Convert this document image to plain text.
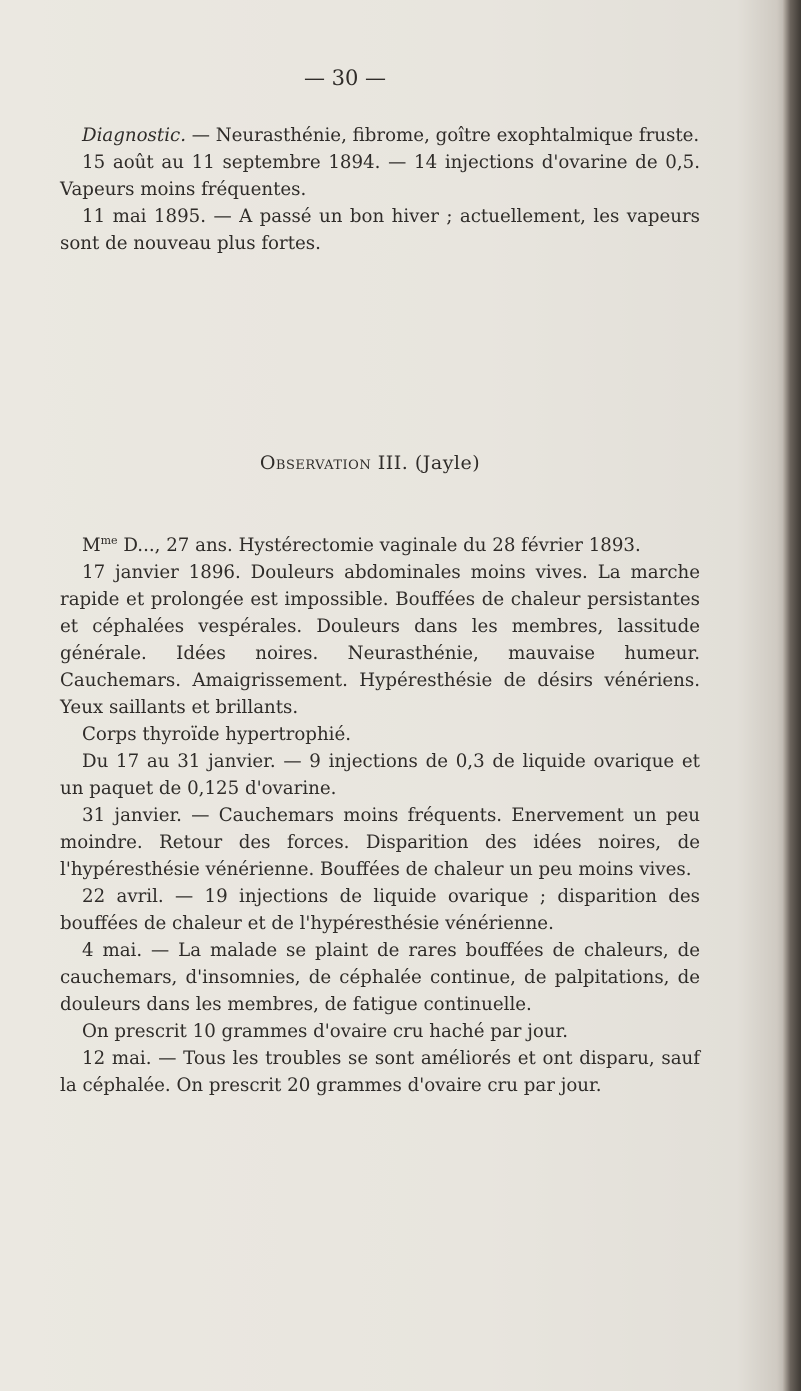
— 30 —

Diagnostic. — Neurasthénie, fibrome, goître exophtalmique fruste.

15 août au 11 septembre 1894. — 14 injections d'ovarine de 0,5. Vapeurs moins fréquentes.

11 mai 1895. — A passé un bon hiver ; actuellement, les vapeurs sont de nouveau plus fortes.

Observation III. (Jayle)

$M^{me}$ D..., 27 ans. Hystérectomie vaginale du 28 février 1893.

17 janvier 1896. Douleurs abdominales moins vives. La marche rapide et prolongée est impossible. Bouffées de chaleur persistantes et céphalées vespérales. Douleurs dans les membres, lassitude générale. Idées noires. Neurasthénie, mauvaise humeur. Cauchemars. Amaigrissement. Hypéresthésie de désirs vénériens. Yeux saillants et brillants.

Corps thyroïde hypertrophié.

Du 17 au 31 janvier. — 9 injections de 0,3 de liquide ovarique et un paquet de 0,125 d'ovarine.

31 janvier. — Cauchemars moins fréquents. Enervement un peu moindre. Retour des forces. Disparition des idées noires, de l'hypéresthésie vénérienne. Bouffées de chaleur un peu moins vives.

22 avril. — 19 injections de liquide ovarique ; disparition des bouffées de chaleur et de l'hypéresthésie vénérienne.

4 mai. — La malade se plaint de rares bouffées de chaleurs, de cauchemars, d'insomnies, de céphalée continue, de palpitations, de douleurs dans les membres, de fatigue continuelle.

On prescrit 10 grammes d'ovaire cru haché par jour.

12 mai. — Tous les troubles se sont améliorés et ont disparu, sauf la céphalée. On prescrit 20 grammes d'ovaire cru par jour.
